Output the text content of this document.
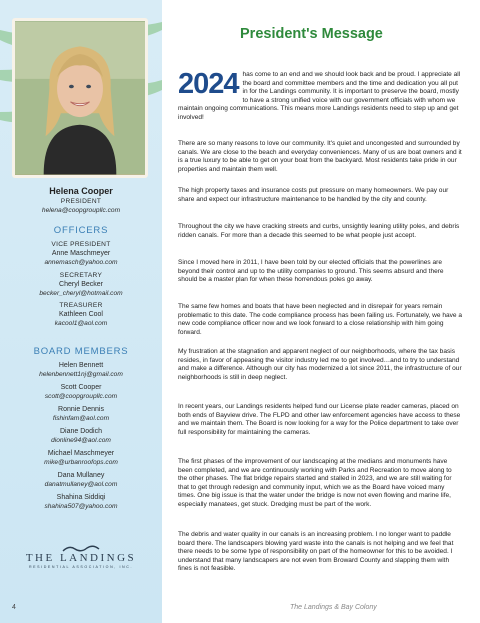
Helena Cooper
PRESIDENT
helena@coopgroupllc.com
OFFICERS
VICE PRESIDENT
Anne Maschmeyer
annemasch@yahoo.com
SECRETARY
Cheryl Becker
becker_cheryl@hotmail.com
TREASURER
Kathleen Cool
kacool1@aol.com
BOARD MEMBERS
Helen Bennett
helenbennett1nj@gmail.com
Scott Cooper
scott@coopgroupllc.com
Ronnie Dennis
fishinfam@aol.com
Diane Dodich
dionline94@aol.com
Michael Maschmeyer
mike@urbanroofops.com
Dana Mullaney
danatmullaney@aol.com
Shahina Siddiqi
shahina507@yahoo.com
THE LANDINGS
RESIDENTIAL ASSOCIATION, INC.
4
President's Message
2024 has come to an end and we should look back and be proud. I appreciate all the board and committee members and the time and dedication you all put in for the Landings community. It is important to preserve the board, mostly to have a strong unified voice with our government officials with whom we maintain ongoing communications. This means more Landings residents need to step up and get involved!
There are so many reasons to love our community. It's quiet and uncongested and surrounded by canals. We are close to the beach and everyday conveniences. Many of us are boat owners and it is a true luxury to be able to get on your boat from the backyard. Most residents take pride in our properties and maintain them well.
The high property taxes and insurance costs put pressure on many homeowners. We pay our share and expect our infrastructure maintenance to be handled by the city and county.
Throughout the city we have cracking streets and curbs, unsightly leaning utility poles, and debris ridden canals. For more than a decade this seemed to be what people just accept.
Since I moved here in 2011, I have been told by our elected officials that the powerlines are beyond their control and up to the utility companies to ground. This seems absurd and there should be a master plan for when these horrendous poles go away.
The same few homes and boats that have been neglected and in disrepair for years remain problematic to this date. The code compliance process has been failing us. Fortunately, we have a new code compliance officer now and we look forward to a close relationship with him going forward.
My frustration at the stagnation and apparent neglect of our neighborhoods, where the tax basis resides, in favor of appeasing the visitor industry led me to get involved…and to try to understand and make a difference. Although our city has modernized a lot since 2011, the infrastructure of our neighborhoods is still in deep neglect.
In recent years, our Landings residents helped fund our License plate reader cameras, placed on both ends of Bayview drive. The FLPD and other law enforcement agencies have access to these and we maintain them. The Board is now looking for a way for the Police department to take over full responsibility for maintaining the cameras.
The first phases of the improvement of our landscaping at the medians and monuments have been completed, and we are continuously working with Parks and Recreation to move along to the other phases. The flat bridge repairs started and stalled in 2023, and we are still waiting for that to get through redesign and community input, which we as the Board have voiced many times. One big issue is that the water under the bridge is now not even flowing and marine life, especially manatees, get stuck. Dredging must be part of the work.
The debris and water quality in our canals is an increasing problem. I no longer want to paddle board there. The landscapers blowing yard waste into the canals is not helping and we feel that there needs to be some type of responsibility on part of the homeowner for this to be avoided. I understand that many landscapers are not even from Broward County and slapping them with fines is not feasible.
The Landings & Bay Colony
